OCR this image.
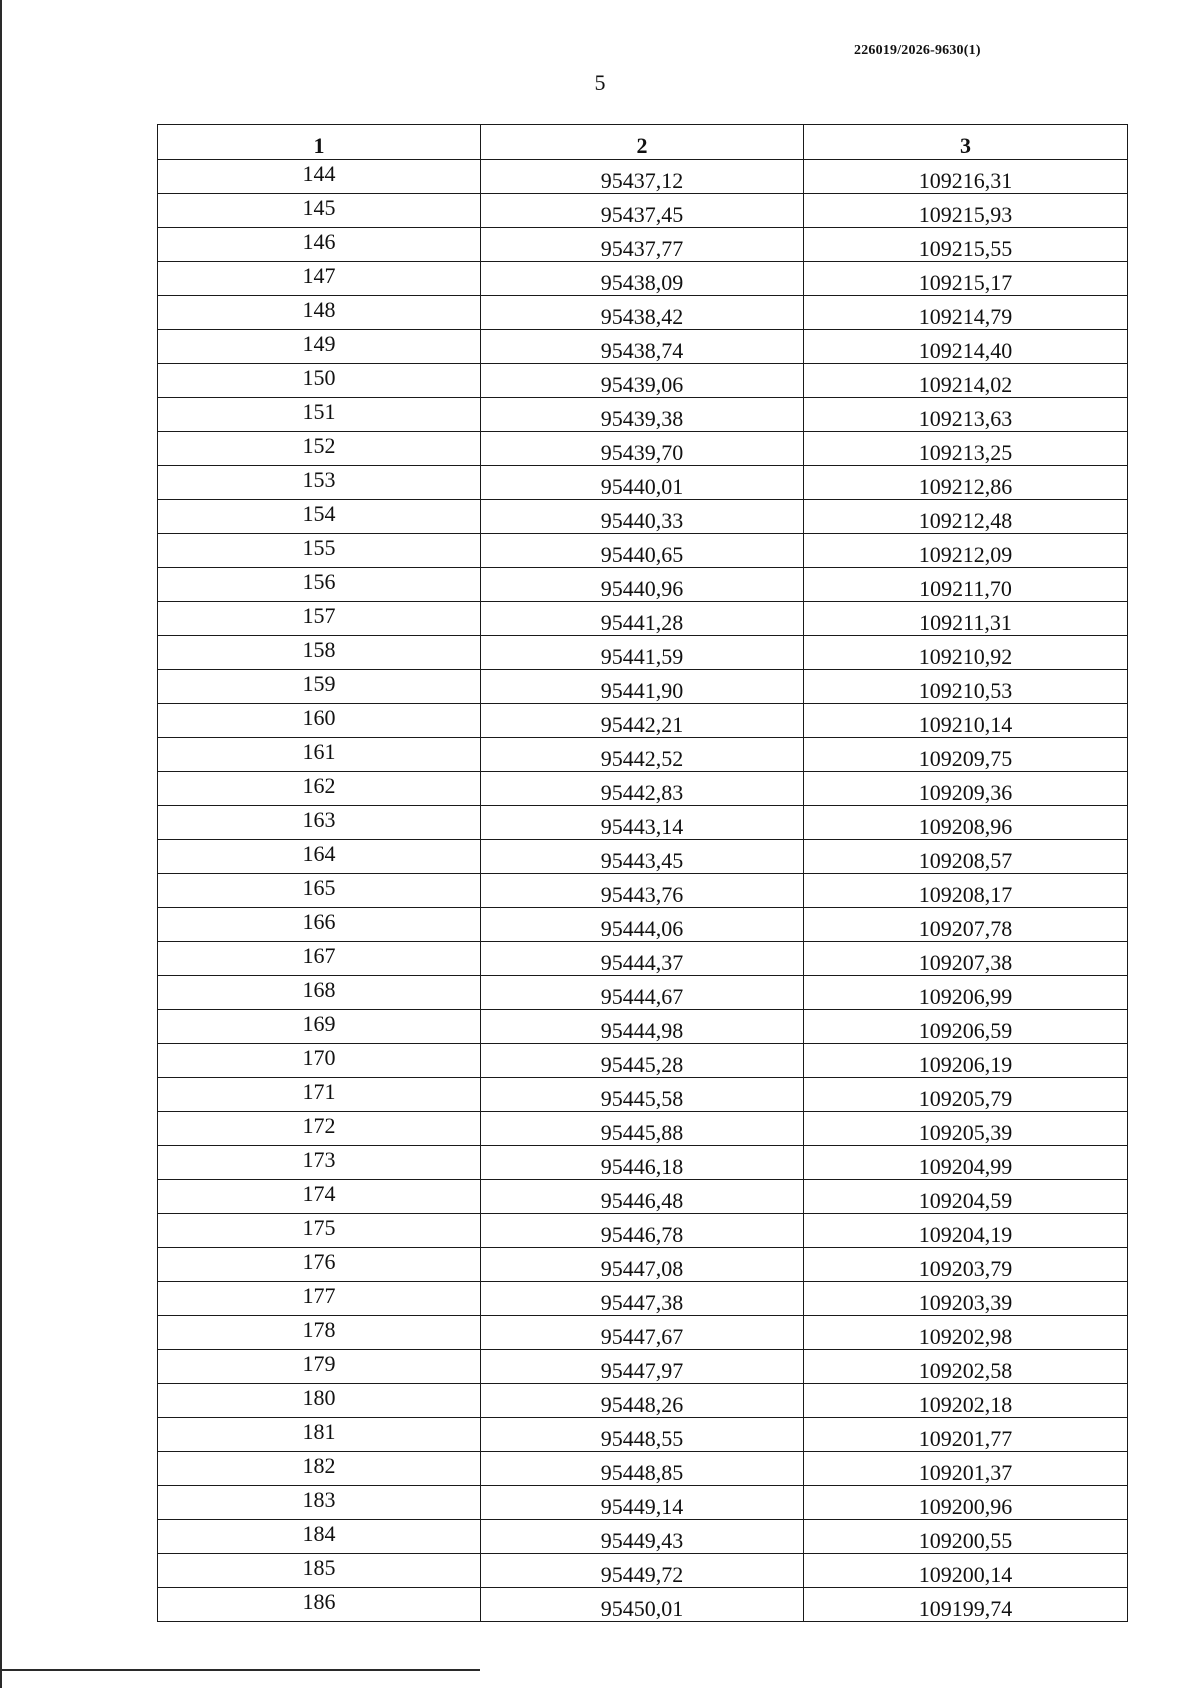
226019/2026-9630(1)
5
1	2	3
144	95437,12	109216,31
145	95437,45	109215,93
146	95437,77	109215,55
147	95438,09	109215,17
148	95438,42	109214,79
149	95438,74	109214,40
150	95439,06	109214,02
151	95439,38	109213,63
152	95439,70	109213,25
153	95440,01	109212,86
154	95440,33	109212,48
155	95440,65	109212,09
156	95440,96	109211,70
157	95441,28	109211,31
158	95441,59	109210,92
159	95441,90	109210,53
160	95442,21	109210,14
161	95442,52	109209,75
162	95442,83	109209,36
163	95443,14	109208,96
164	95443,45	109208,57
165	95443,76	109208,17
166	95444,06	109207,78
167	95444,37	109207,38
168	95444,67	109206,99
169	95444,98	109206,59
170	95445,28	109206,19
171	95445,58	109205,79
172	95445,88	109205,39
173	95446,18	109204,99
174	95446,48	109204,59
175	95446,78	109204,19
176	95447,08	109203,79
177	95447,38	109203,39
178	95447,67	109202,98
179	95447,97	109202,58
180	95448,26	109202,18
181	95448,55	109201,77
182	95448,85	109201,37
183	95449,14	109200,96
184	95449,43	109200,55
185	95449,72	109200,14
186	95450,01	109199,74
